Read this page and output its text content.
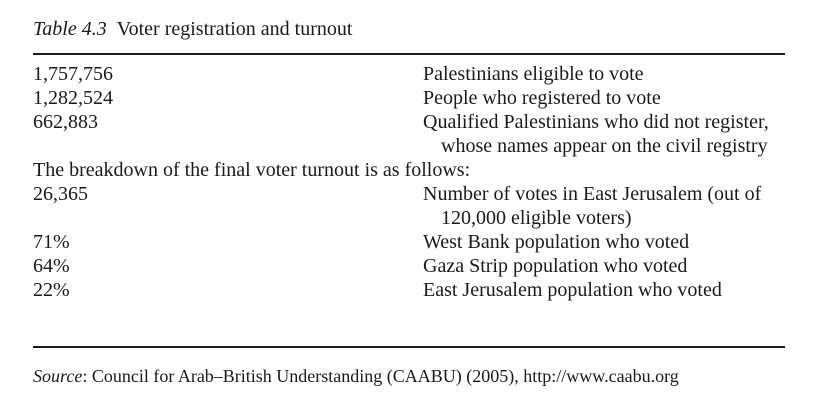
Table 4.3 Voter registration and turnout
1,757,756	Palestinians eligible to vote
1,282,524	People who registered to vote
662,883	Qualified Palestinians who did not register, whose names appear on the civil registry
The breakdown of the final voter turnout is as follows:
26,365	Number of votes in East Jerusalem (out of 120,000 eligible voters)
71%	West Bank population who voted
64%	Gaza Strip population who voted
22%	East Jerusalem population who voted
Source: Council for Arab–British Understanding (CAABU) (2005), http://www.caabu.org
